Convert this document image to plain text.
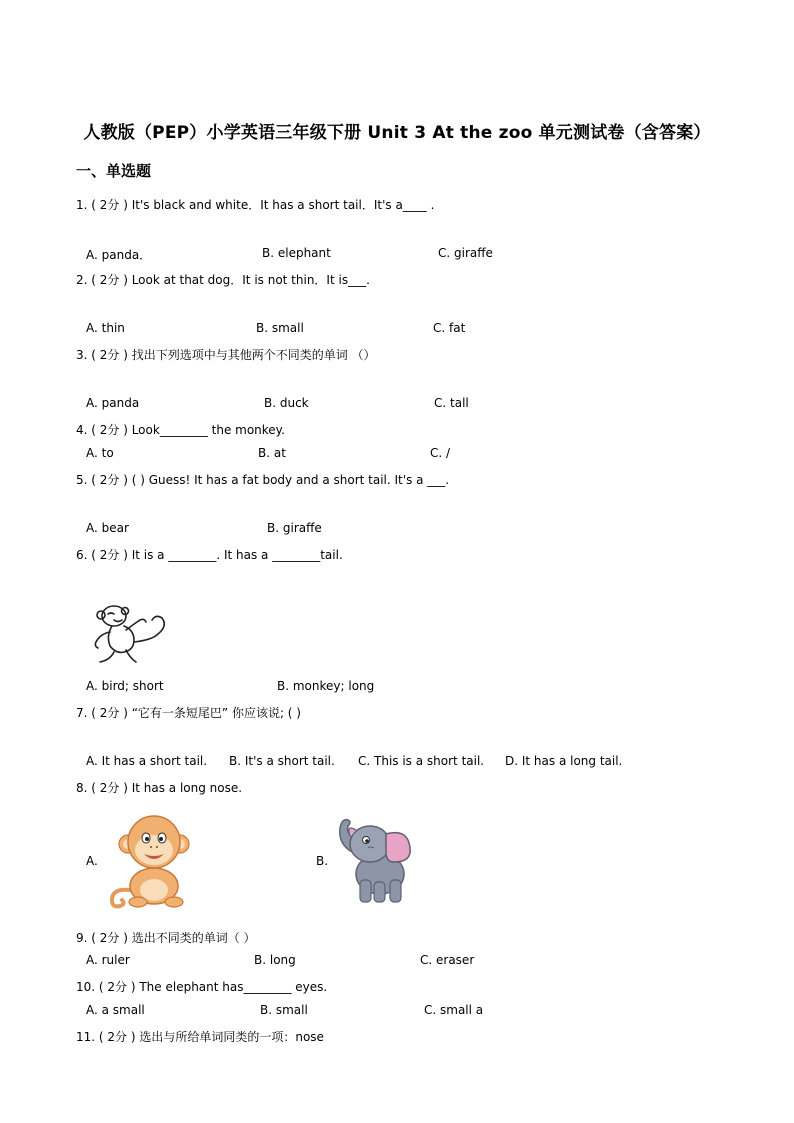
人教版（PEP）小学英语三年级下册 Unit 3 At the zoo 单元测试卷（含答案）
一、单选题
1. ( 2分 ) It's black and white．It has a short tail．It's a____ .
A. panda．	B. elephant	C. giraffe
2. ( 2分 ) Look at that dog．It is not thin．It is___.
A. thin	B. small	C. fat
3. ( 2分 ) 找出下列选项中与其他两个不同类的单词 （）
A. panda	B. duck	C. tall
4. ( 2分 ) Look________ the monkey.
A. to	B. at	C. /
5. ( 2分 ) ( ) Guess! It has a fat body and a short tail. It's a ___.
A. bear	B. giraffe
6. ( 2分 ) It is a ________. It has a ________tail.
A. bird; short	B. monkey; long
7. ( 2分 ) “它有一条短尾巴” 你应该说; ( )
A. It has a short tail. B. It's a short tail. C. This is a short tail. D. It has a long tail.
8. ( 2分 ) It has a long nose.
A.	B.
9. ( 2分 ) 选出不同类的单词（ ）
A. ruler	B. long	C. eraser
10. ( 2分 ) The elephant has________ eyes.
A. a small	B. small	C. small a
11. ( 2分 ) 选出与所给单词同类的一项：nose
